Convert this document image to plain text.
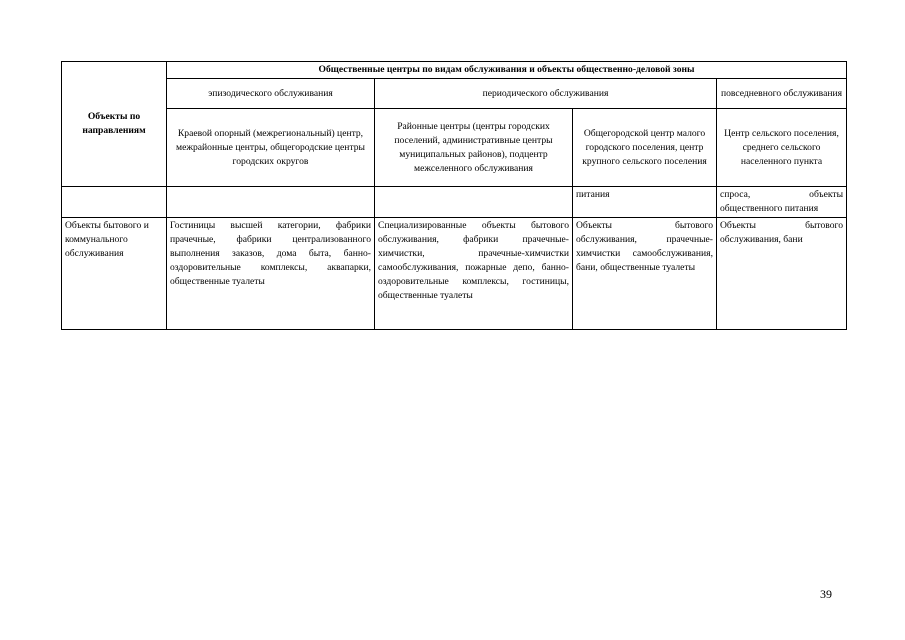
Объекты по направлениям	Общественные центры по видам обслуживания и объекты общественно-деловой зоны			
	эпизодического обслуживания	периодического обслуживания		повседневного обслуживания
	Краевой опорный (межрегиональный) центр, межрайонные центры, общегородские центры городских округов	Районные центры (центры городских поселений, административные центры муниципальных районов), подцентр межселенного обслуживания	Общегородской центр малого городского поселения, центр крупного сельского поселения	Центр сельского поселения, среднего сельского населенного пункта
			питания	спроса, объекты общественного питания
Объекты бытового и коммунального обслуживания	Гостиницы высшей категории, фабрики прачечные, фабрики централизованного выполнения заказов, дома быта, банно-оздоровительные комплексы, аквапарки, общественные туалеты	Специализированные объекты бытового обслуживания, фабрики прачечные-химчистки, прачечные-химчистки самообслуживания, пожарные депо, банно-оздоровительные комплексы, гостиницы, общественные туалеты	Объекты бытового обслуживания, прачечные-химчистки самообслуживания, бани, общественные туалеты	Объекты бытового обслуживания, бани
39
